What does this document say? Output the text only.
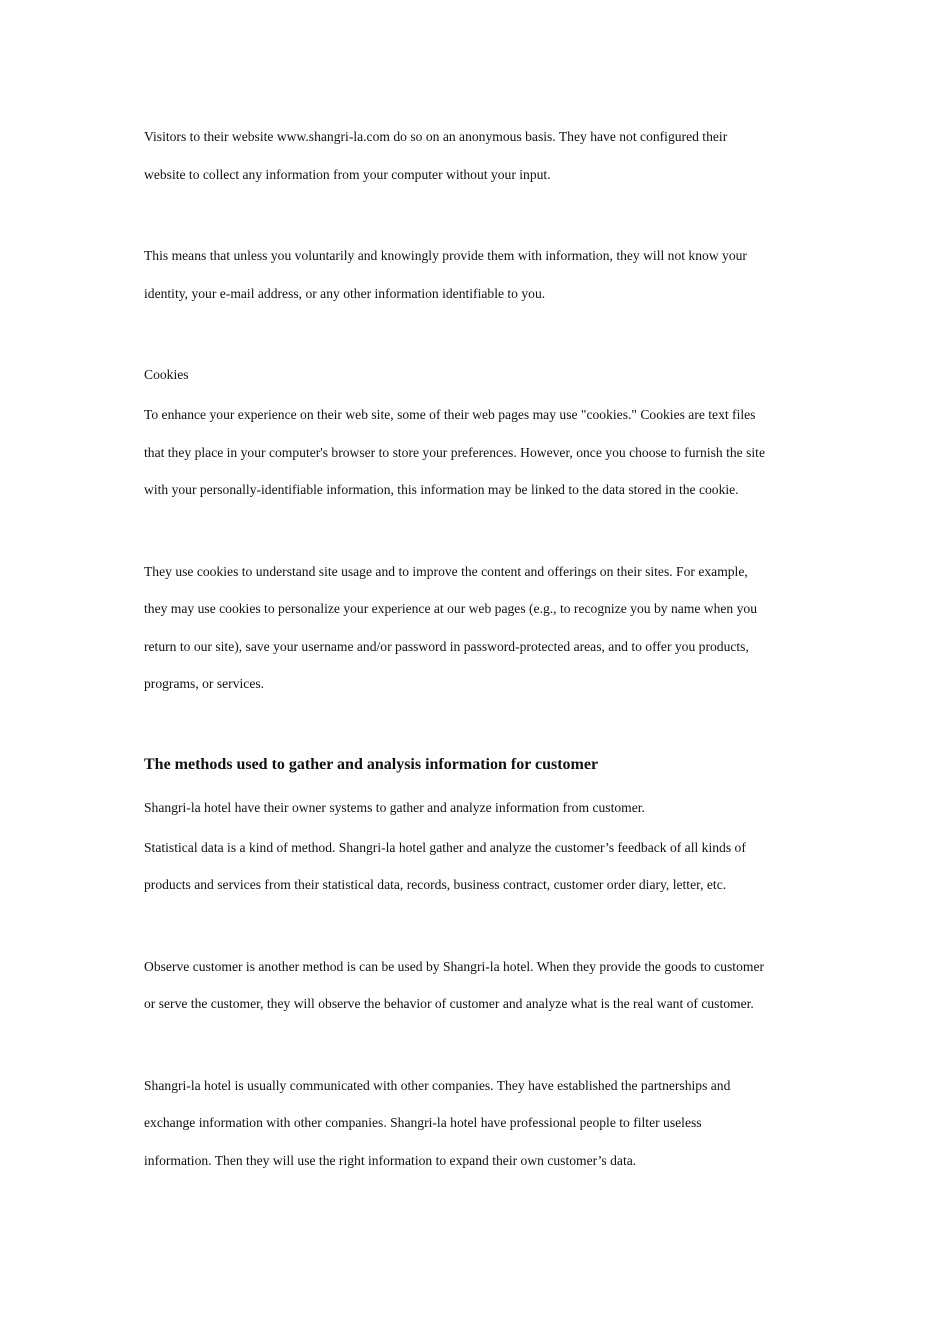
Visitors to their website www.shangri-la.com do so on an anonymous basis. They have not configured their
website to collect any information from your computer without your input.
This means that unless you voluntarily and knowingly provide them with information, they will not know your
identity, your e-mail address, or any other information identifiable to you.
Cookies
To enhance your experience on their web site, some of their web pages may use "cookies." Cookies are text files
that they place in your computer's browser to store your preferences. However, once you choose to furnish the site
with your personally-identifiable information, this information may be linked to the data stored in the cookie.
They use cookies to understand site usage and to improve the content and offerings on their sites. For example,
they may use cookies to personalize your experience at our web pages (e.g., to recognize you by name when you
return to our site), save your username and/or password in password-protected areas, and to offer you products,
programs, or services.
The methods used to gather and analysis information for customer
Shangri-la hotel have their owner systems to gather and analyze information from customer.
Statistical data is a kind of method. Shangri-la hotel gather and analyze the customer’s feedback of all kinds of
products and services from their statistical data, records, business contract, customer order diary, letter, etc.
Observe customer is another method is can be used by Shangri-la hotel. When they provide the goods to customer
or serve the customer, they will observe the behavior of customer and analyze what is the real want of customer.
Shangri-la hotel is usually communicated with other companies. They have established the partnerships and
exchange information with other companies. Shangri-la hotel have professional people to filter useless
information. Then they will use the right information to expand their own customer’s data.
